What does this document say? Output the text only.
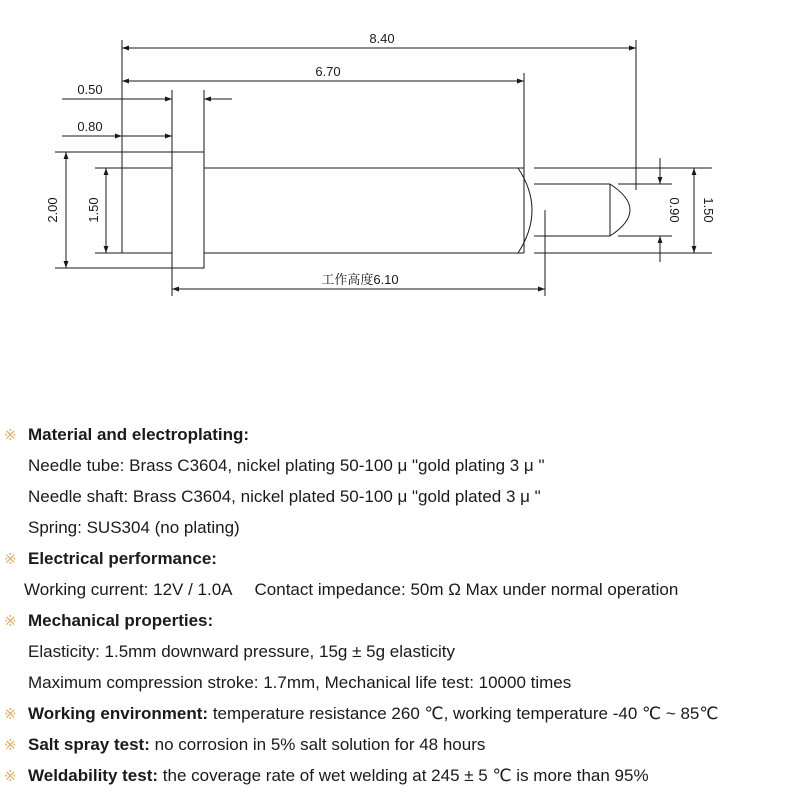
8.40
6.70
0.50
0.80
工作高度6.10
2.00 1.50	0.90 1.50
※ Material and electroplating:
Needle tube: Brass C3604, nickel plating 50-100 μ "gold plating 3 μ "
Needle shaft: Brass C3604, nickel plated 50-100 μ "gold plated 3 μ "
Spring: SUS304 (no plating)
※ Electrical performance:
Working current: 12V / 1.0A Contact impedance: 50m Ω Max under normal operation
※ Mechanical properties:
Elasticity: 1.5mm downward pressure, 15g ± 5g elasticity
Maximum compression stroke: 1.7mm, Mechanical life test: 10000 times
※ Working environment: temperature resistance 260 ℃, working temperature -40 ℃ ~ 85℃
※ Salt spray test: no corrosion in 5% salt solution for 48 hours
※ Weldability test: the coverage rate of wet welding at 245 ± 5 ℃ is more than 95%
